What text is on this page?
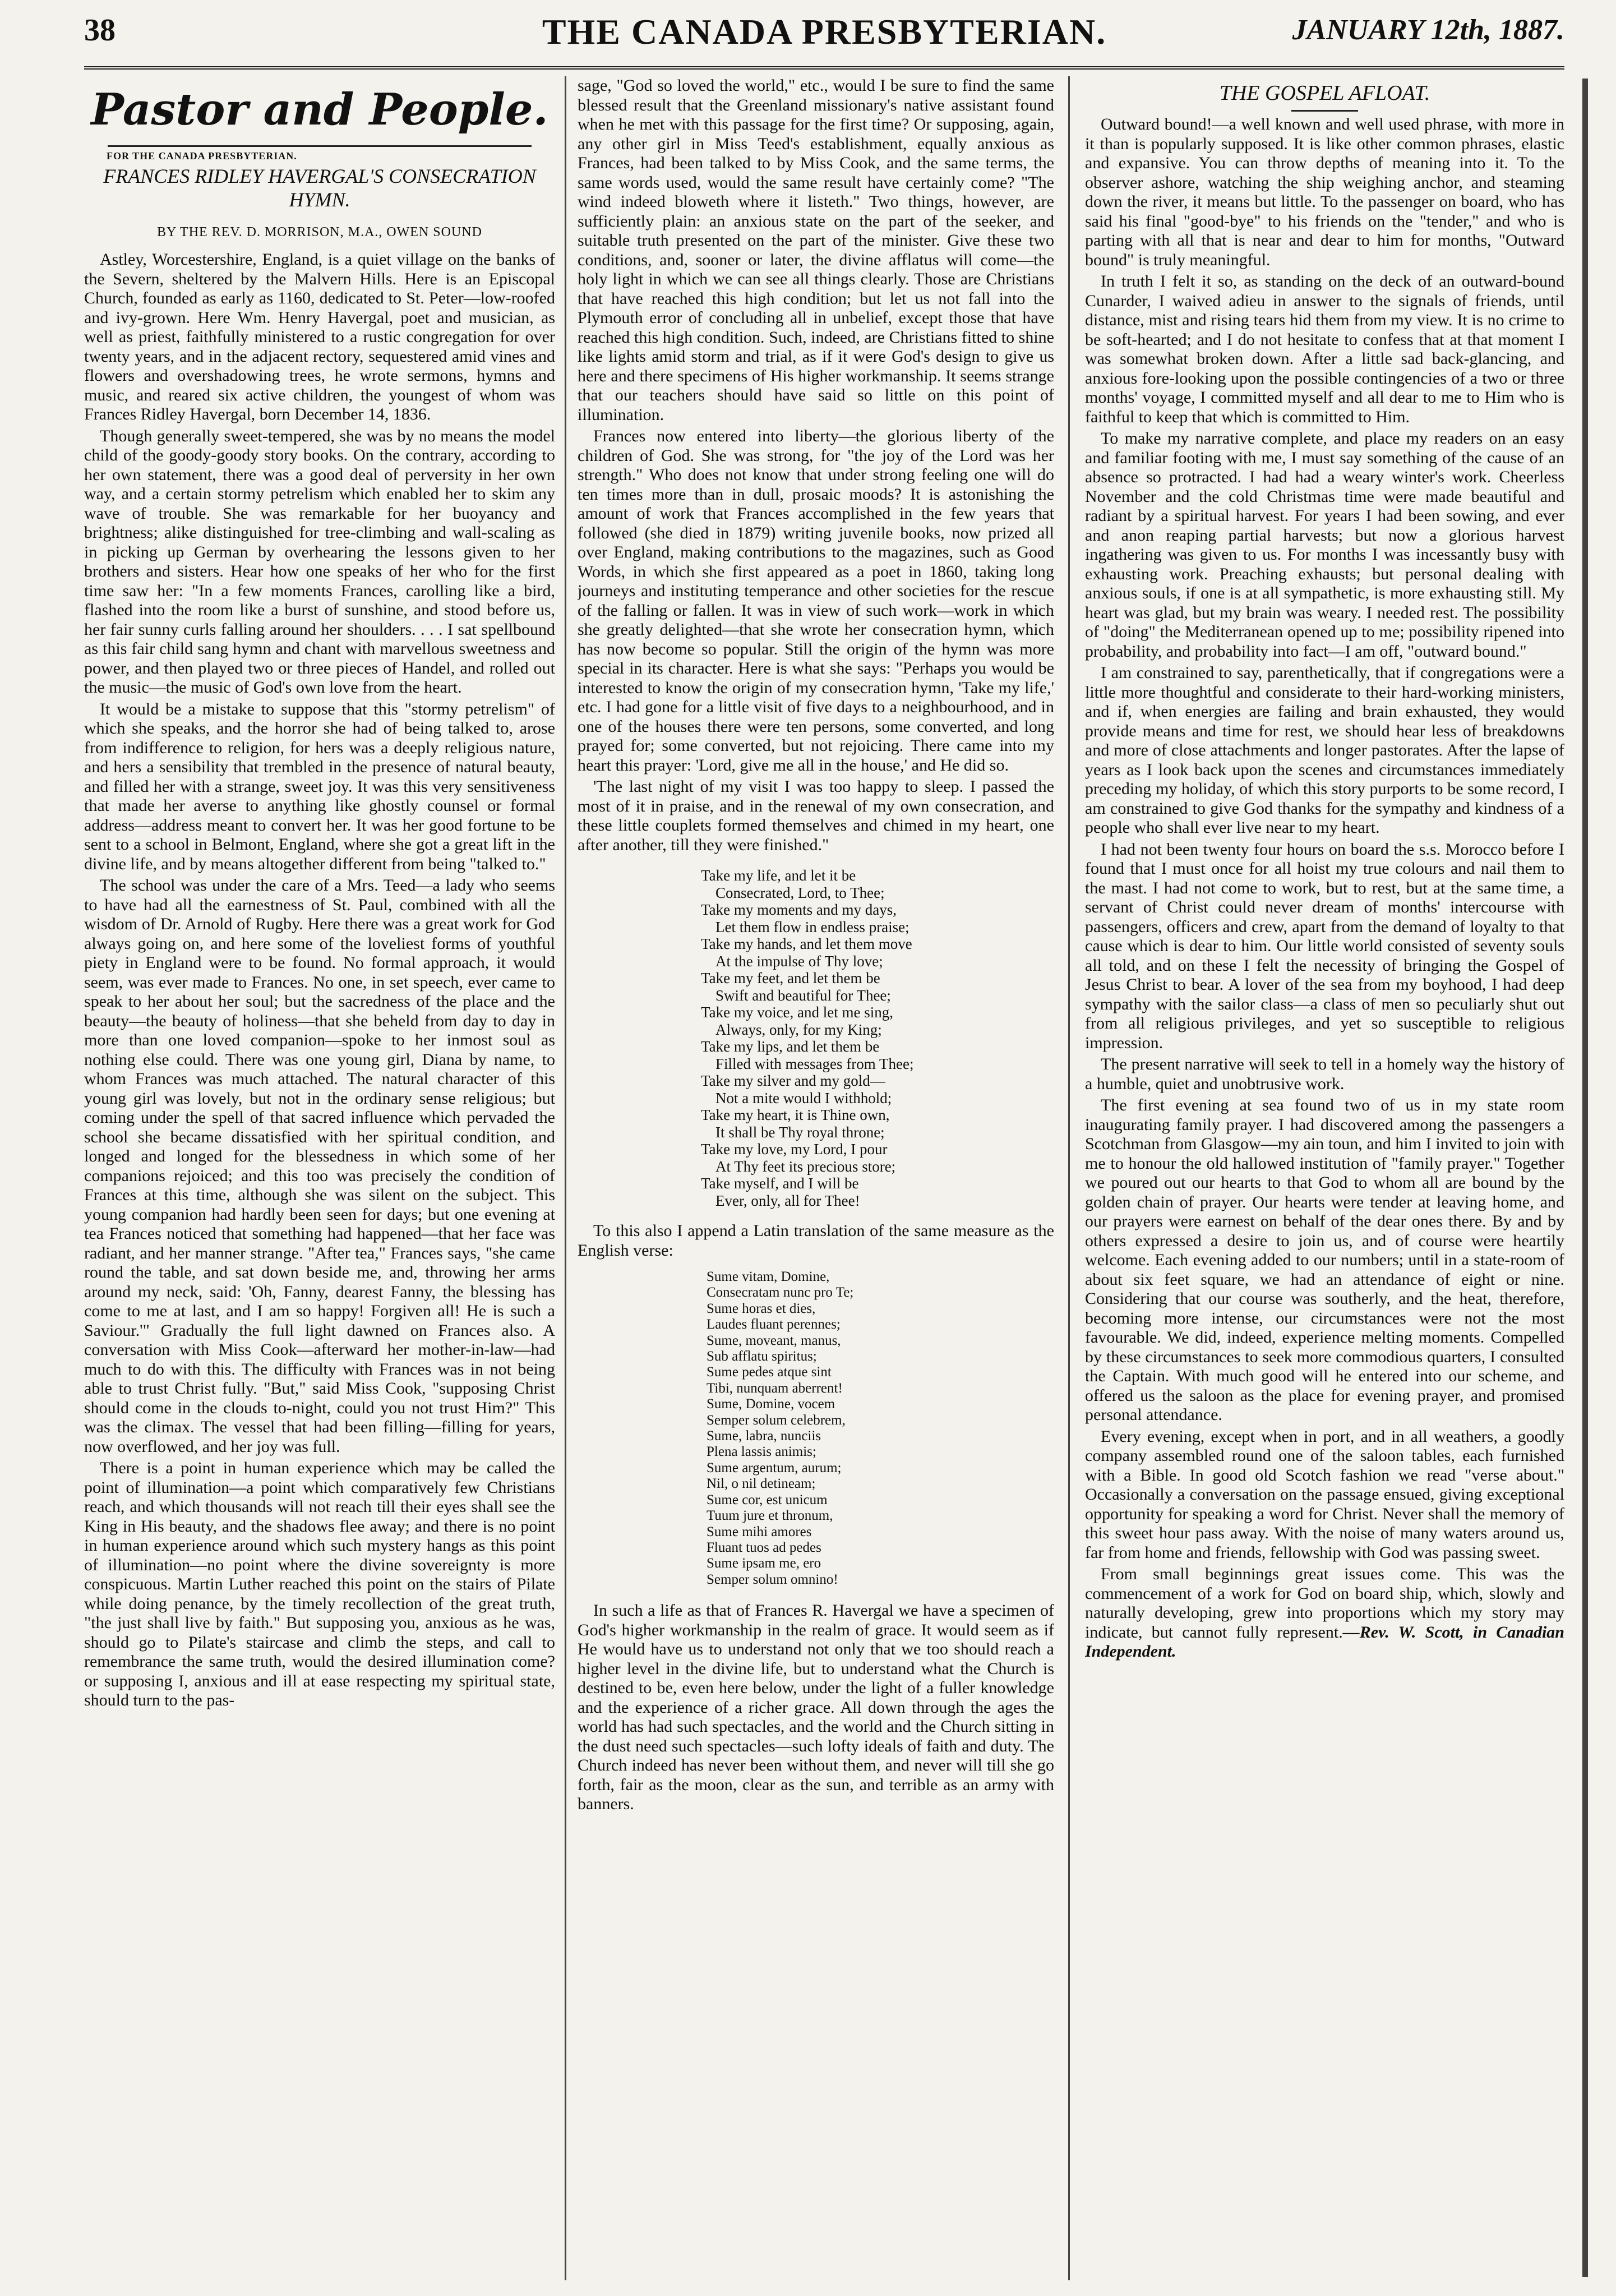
38	THE CANADA PRESBYTERIAN.	JANUARY 12th, 1887.
Pastor and People.
FOR THE CANADA PRESBYTERIAN.
FRANCES RIDLEY HAVERGAL'S CONSECRATION HYMN.
BY THE REV. D. MORRISON, M.A., OWEN SOUND

Astley, Worcestershire, England, is a quiet village on the banks of the Severn, sheltered by the Malvern Hills. Here is an Episcopal Church, founded as early as 1160, dedicated to St. Peter—low-roofed and ivy-grown. Here Wm. Henry Havergal, poet and musician, as well as priest, faithfully ministered to a rustic congregation for over twenty years, and in the adjacent rectory, sequestered amid vines and flowers and overshadowing trees, he wrote sermons, hymns and music, and reared six active children, the youngest of whom was Frances Ridley Havergal, born December 14, 1836.

Though generally sweet-tempered, she was by no means the model child of the goody-goody story books. On the contrary, according to her own statement, there was a good deal of perversity in her own way, and a certain stormy petrelism which enabled her to skim any wave of trouble. She was remarkable for her buoyancy and brightness; alike distinguished for tree-climbing and wall-scaling as in picking up German by overhearing the lessons given to her brothers and sisters. Hear how one speaks of her who for the first time saw her: "In a few moments Frances, carolling like a bird, flashed into the room like a burst of sunshine, and stood before us, her fair sunny curls falling around her shoulders. . . . I sat spellbound as this fair child sang hymn and chant with marvellous sweetness and power, and then played two or three pieces of Handel, and rolled out the music—the music of God's own love from the heart.

It would be a mistake to suppose that this "stormy petrelism" of which she speaks, and the horror she had of being talked to, arose from indifference to religion, for hers was a deeply religious nature, and hers a sensibility that trembled in the presence of natural beauty, and filled her with a strange, sweet joy. It was this very sensitiveness that made her averse to anything like ghostly counsel or formal address—address meant to convert her. It was her good fortune to be sent to a school in Belmont, England, where she got a great lift in the divine life, and by means altogether different from being "talked to."

The school was under the care of a Mrs. Teed—a lady who seems to have had all the earnestness of St. Paul, combined with all the wisdom of Dr. Arnold of Rugby. Here there was a great work for God always going on, and here some of the loveliest forms of youthful piety in England were to be found. No formal approach, it would seem, was ever made to Frances. No one, in set speech, ever came to speak to her about her soul; but the sacredness of the place and the beauty—the beauty of holiness—that she beheld from day to day in more than one loved companion—spoke to her inmost soul as nothing else could. There was one young girl, Diana by name, to whom Frances was much attached. The natural character of this young girl was lovely, but not in the ordinary sense religious; but coming under the spell of that sacred influence which pervaded the school she became dissatisfied with her spiritual condition, and longed and longed for the blessedness in which some of her companions rejoiced; and this too was precisely the condition of Frances at this time, although she was silent on the subject. This young companion had hardly been seen for days; but one evening at tea Frances noticed that something had happened—that her face was radiant, and her manner strange. "After tea," Frances says, "she came round the table, and sat down beside me, and, throwing her arms around my neck, said: 'Oh, Fanny, dearest Fanny, the blessing has come to me at last, and I am so happy! Forgiven all! He is such a Saviour.'" Gradually the full light dawned on Frances also. A conversation with Miss Cook—afterward her mother-in-law—had much to do with this. The difficulty with Frances was in not being able to trust Christ fully. "But," said Miss Cook, "supposing Christ should come in the clouds to-night, could you not trust Him?" This was the climax. The vessel that had been filling—filling for years, now overflowed, and her joy was full.

There is a point in human experience which may be called the point of illumination—a point which comparatively few Christians reach, and which thousands will not reach till their eyes shall see the King in His beauty, and the shadows flee away; and there is no point in human experience around which such mystery hangs as this point of illumination—no point where the divine sovereignty is more conspicuous. Martin Luther reached this point on the stairs of Pilate while doing penance, by the timely recollection of the great truth, "the just shall live by faith." But supposing you, anxious as he was, should go to Pilate's staircase and climb the steps, and call to remembrance the same truth, would the desired illumination come? or supposing I, anxious and ill at ease respecting my spiritual state, should turn to the pas-

sage, "God so loved the world," etc., would I be sure to find the same blessed result that the Greenland missionary's native assistant found when he met with this passage for the first time? Or supposing, again, any other girl in Miss Teed's establishment, equally anxious as Frances, had been talked to by Miss Cook, and the same terms, the same words used, would the same result have certainly come? "The wind indeed bloweth where it listeth." Two things, however, are sufficiently plain: an anxious state on the part of the seeker, and suitable truth presented on the part of the minister. Give these two conditions, and, sooner or later, the divine afflatus will come—the holy light in which we can see all things clearly. Those are Christians that have reached this high condition; but let us not fall into the Plymouth error of concluding all in unbelief, except those that have reached this high condition. Such, indeed, are Christians fitted to shine like lights amid storm and trial, as if it were God's design to give us here and there specimens of His higher workmanship. It seems strange that our teachers should have said so little on this point of illumination.

Frances now entered into liberty—the glorious liberty of the children of God. She was strong, for "the joy of the Lord was her strength." Who does not know that under strong feeling one will do ten times more than in dull, prosaic moods? It is astonishing the amount of work that Frances accomplished in the few years that followed (she died in 1879) writing juvenile books, now prized all over England, making contributions to the magazines, such as Good Words, in which she first appeared as a poet in 1860, taking long journeys and instituting temperance and other societies for the rescue of the falling or fallen. It was in view of such work—work in which she greatly delighted—that she wrote her consecration hymn, which has now become so popular. Still the origin of the hymn was more special in its character. Here is what she says: "Perhaps you would be interested to know the origin of my consecration hymn, 'Take my life,' etc. I had gone for a little visit of five days to a neighbourhood, and in one of the houses there were ten persons, some converted, and long prayed for; some converted, but not rejoicing. There came into my heart this prayer: 'Lord, give me all in the house,' and He did so.

'The last night of my visit I was too happy to sleep. I passed the most of it in praise, and in the renewal of my own consecration, and these little couplets formed themselves and chimed in my heart, one after another, till they were finished."

Take my life, and let it be
Consecrated, Lord, to Thee;
Take my moments and my days,
Let them flow in endless praise;
Take my hands, and let them move
At the impulse of Thy love;
Take my feet, and let them be
Swift and beautiful for Thee;
Take my voice, and let me sing,
Always, only, for my King;
Take my lips, and let them be
Filled with messages from Thee;
Take my silver and my gold—
Not a mite would I withhold;
Take my heart, it is Thine own,
It shall be Thy royal throne;
Take my love, my Lord, I pour
At Thy feet its precious store;
Take myself, and I will be
Ever, only, all for Thee!

To this also I append a Latin translation of the same measure as the English verse:

Sume vitam, Domine,
Consecratam nunc pro Te;
Sume horas et dies,
Laudes fluant perennes;
Sume, moveant, manus,
Sub afflatu spiritus;
Sume pedes atque sint
Tibi, nunquam aberrent!
Sume, Domine, vocem
Semper solum celebrem,
Sume, labra, nunciis
Plena lassis animis;
Sume argentum, aurum;
Nil, o nil detineam;
Sume cor, est unicum
Tuum jure et thronum,
Sume mihi amores
Fluant tuos ad pedes
Sume ipsam me, ero
Semper solum omnino!

In such a life as that of Frances R. Havergal we have a specimen of God's higher workmanship in the realm of grace. It would seem as if He would have us to understand not only that we too should reach a higher level in the divine life, but to understand what the Church is destined to be, even here below, under the light of a fuller knowledge and the experience of a richer grace. All down through the ages the world has had such spectacles, and the world and the Church sitting in the dust need such spectacles—such lofty ideals of faith and duty. The Church indeed has never been without them, and never will till she go forth, fair as the moon, clear as the sun, and terrible as an army with banners.

THE GOSPEL AFLOAT.

Outward bound!—a well known and well used phrase, with more in it than is popularly supposed. It is like other common phrases, elastic and expansive. You can throw depths of meaning into it. To the observer ashore, watching the ship weighing anchor, and steaming down the river, it means but little. To the passenger on board, who has said his final "good-bye" to his friends on the "tender," and who is parting with all that is near and dear to him for months, "Outward bound" is truly meaningful.

In truth I felt it so, as standing on the deck of an outward-bound Cunarder, I waived adieu in answer to the signals of friends, until distance, mist and rising tears hid them from my view. It is no crime to be soft-hearted; and I do not hesitate to confess that at that moment I was somewhat broken down. After a little sad back-glancing, and anxious fore-looking upon the possible contingencies of a two or three months' voyage, I committed myself and all dear to me to Him who is faithful to keep that which is committed to Him.

To make my narrative complete, and place my readers on an easy and familiar footing with me, I must say something of the cause of an absence so protracted. I had had a weary winter's work. Cheerless November and the cold Christmas time were made beautiful and radiant by a spiritual harvest. For years I had been sowing, and ever and anon reaping partial harvests; but now a glorious harvest ingathering was given to us. For months I was incessantly busy with exhausting work. Preaching exhausts; but personal dealing with anxious souls, if one is at all sympathetic, is more exhausting still. My heart was glad, but my brain was weary. I needed rest. The possibility of "doing" the Mediterranean opened up to me; possibility ripened into probability, and probability into fact—I am off, "outward bound."

I am constrained to say, parenthetically, that if congregations were a little more thoughtful and considerate to their hard-working ministers, and if, when energies are failing and brain exhausted, they would provide means and time for rest, we should hear less of breakdowns and more of close attachments and longer pastorates. After the lapse of years as I look back upon the scenes and circumstances immediately preceding my holiday, of which this story purports to be some record, I am constrained to give God thanks for the sympathy and kindness of a people who shall ever live near to my heart.

I had not been twenty four hours on board the s.s. Morocco before I found that I must once for all hoist my true colours and nail them to the mast. I had not come to work, but to rest, but at the same time, a servant of Christ could never dream of months' intercourse with passengers, officers and crew, apart from the demand of loyalty to that cause which is dear to him. Our little world consisted of seventy souls all told, and on these I felt the necessity of bringing the Gospel of Jesus Christ to bear. A lover of the sea from my boyhood, I had deep sympathy with the sailor class—a class of men so peculiarly shut out from all religious privileges, and yet so susceptible to religious impression.

The present narrative will seek to tell in a homely way the history of a humble, quiet and unobtrusive work.

The first evening at sea found two of us in my state room inaugurating family prayer. I had discovered among the passengers a Scotchman from Glasgow—my ain toun, and him I invited to join with me to honour the old hallowed institution of "family prayer." Together we poured out our hearts to that God to whom all are bound by the golden chain of prayer. Our hearts were tender at leaving home, and our prayers were earnest on behalf of the dear ones there. By and by others expressed a desire to join us, and of course were heartily welcome. Each evening added to our numbers; until in a state-room of about six feet square, we had an attendance of eight or nine. Considering that our course was southerly, and the heat, therefore, becoming more intense, our circumstances were not the most favourable. We did, indeed, experience melting moments. Compelled by these circumstances to seek more commodious quarters, I consulted the Captain. With much good will he entered into our scheme, and offered us the saloon as the place for evening prayer, and promised personal attendance.

Every evening, except when in port, and in all weathers, a goodly company assembled round one of the saloon tables, each furnished with a Bible. In good old Scotch fashion we read "verse about." Occasionally a conversation on the passage ensued, giving exceptional opportunity for speaking a word for Christ. Never shall the memory of this sweet hour pass away. With the noise of many waters around us, far from home and friends, fellowship with God was passing sweet.

From small beginnings great issues come. This was the commencement of a work for God on board ship, which, slowly and naturally developing, grew into proportions which my story may indicate, but cannot fully represent.—Rev. W. Scott, in Canadian Independent.
